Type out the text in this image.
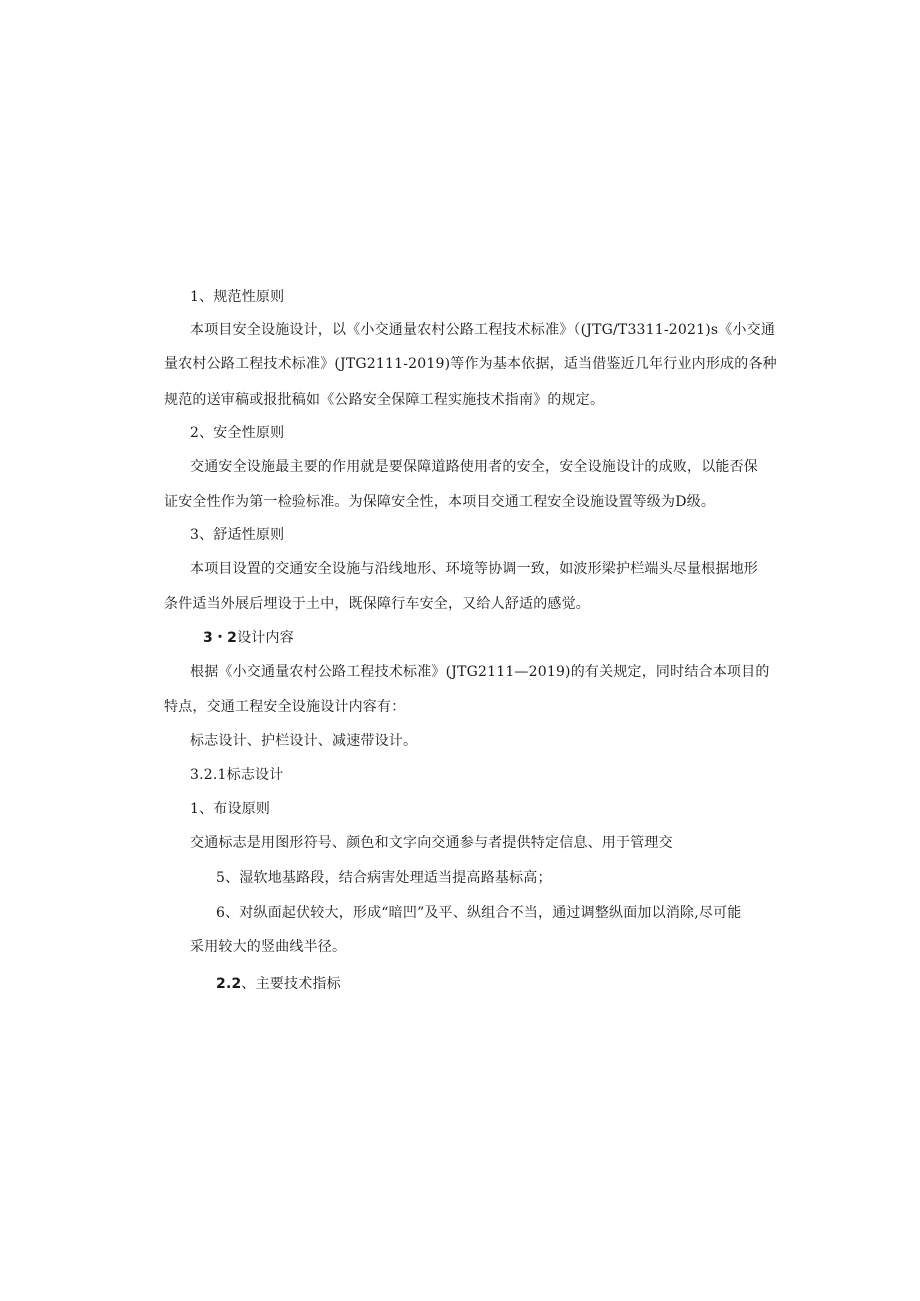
1、规范性原则
本项目安全设施设计，以《小交通量农村公路工程技术标准》（(JTG/T3311-2021)s《小交通
量农村公路工程技术标准》(JTG2111-2019)等作为基本依据，适当借鉴近几年行业内形成的各种
规范的送审稿或报批稿如《公路安全保障工程实施技术指南》的规定。
2、安全性原则
交通安全设施最主要的作用就是要保障道路使用者的安全，安全设施设计的成败，以能否保
证安全性作为第一检验标准。为保障安全性，本项目交通工程安全设施设置等级为D级。
3、舒适性原则
本项目设置的交通安全设施与沿线地形、环境等协调一致，如波形梁护栏端头尽量根据地形
条件适当外展后埋设于土中，既保障行车安全，又给人舒适的感觉。
3・2设计内容
根据《小交通量农村公路工程技术标准》(JTG2111—2019)的有关规定，同时结合本项目的
特点，交通工程安全设施设计内容有：
标志设计、护栏设计、减速带设计。
3.2.1标志设计
1、布设原则
交通标志是用图形符号、颜色和文字向交通参与者提供特定信息、用于管理交
5、湿软地基路段，结合病害处理适当提高路基标高；
6、对纵面起伏较大，形成“暗凹”及平、纵组合不当，通过调整纵面加以消除,尽可能
采用较大的竖曲线半径。
2.2、主要技术指标
